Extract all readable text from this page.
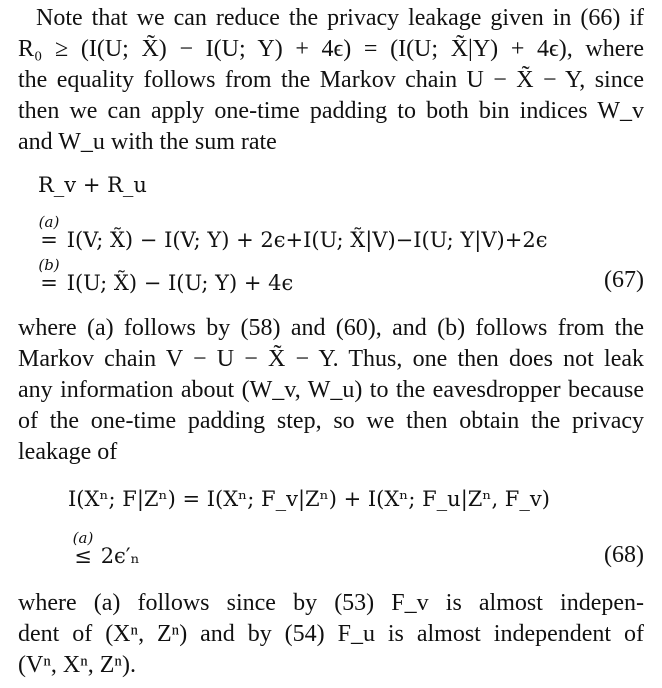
Note that we can reduce the privacy leakage given in (66) if
R₀ ≥ (I(U; X̃) − I(U; Y) + 4ϵ) = (I(U; X̃|Y) + 4ϵ), where
the equality follows from the Markov chain U − X̃ − Y, since
then we can apply one-time padding to both bin indices W_v
and W_u with the sum rate
R_v + R_u
(a)
= I(V; X̃) − I(V; Y) + 2ϵ+I(U; X̃|V)−I(U; Y|V)+2ϵ
(b)
= I(U; X̃) − I(U; Y) + 4ϵ	(67)
where (a) follows by (58) and (60), and (b) follows from the
Markov chain V − U − X̃ − Y. Thus, one then does not leak
any information about (W_v, W_u) to the eavesdropper because
of the one-time padding step, so we then obtain the privacy
leakage of
I(Xⁿ; F|Zⁿ) = I(Xⁿ; F_v|Zⁿ) + I(Xⁿ; F_u|Zⁿ, F_v)
(a)
≤ 2ϵ′ₙ	(68)
where (a) follows since by (53) F_v is almost indepen-
dent of (Xⁿ, Zⁿ) and by (54) F_u is almost independent of
(Vⁿ, Xⁿ, Zⁿ).
